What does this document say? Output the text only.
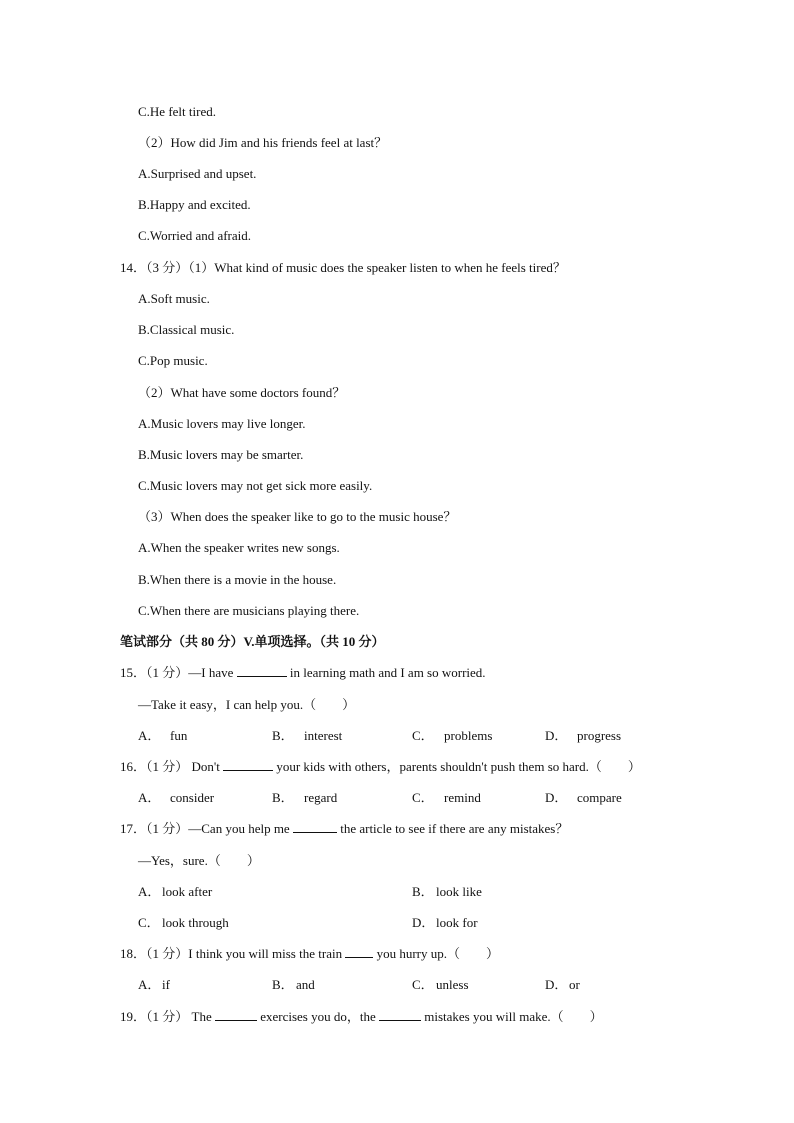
C.He felt tired.
（2）How did Jim and his friends feel at last？
A.Surprised and upset.
B.Happy and excited.
C.Worried and afraid.
14．（3 分）（1）What kind of music does the speaker listen to when he feels tired？
A.Soft music.
B.Classical music.
C.Pop music.
（2）What have some doctors found？
A.Music lovers may live longer.
B.Music lovers may be smarter.
C.Music lovers may not get sick more easily.
（3）When does the speaker like to go to the music house？
A.When the speaker writes new songs.
B.When there is a movie in the house.
C.When there are musicians playing there.
笔试部分（共 80 分）V.单项选择。（共 10 分）
15．（1 分）—I have	in learning math and I am so worried.
—Take it easy，I can help you.（　　）
A． fun	B． interest	C． problems	D． progress
16．（1 分） Don't	your kids with others，parents shouldn't push them so hard.（　　）
A． consider	B． regard	C． remind	D． compare
17．（1 分）—Can you help me	the article to see if there are any mistakes？
—Yes，sure.（　　）
A． look after	B． look like
C． look through	D． look for
18．（1 分）I think you will miss the train  you hurry up.（　　）
A． if	B． and	C． unless	D． or
19．（1 分） The	exercises you do，the	mistakes you will make.（　　）
